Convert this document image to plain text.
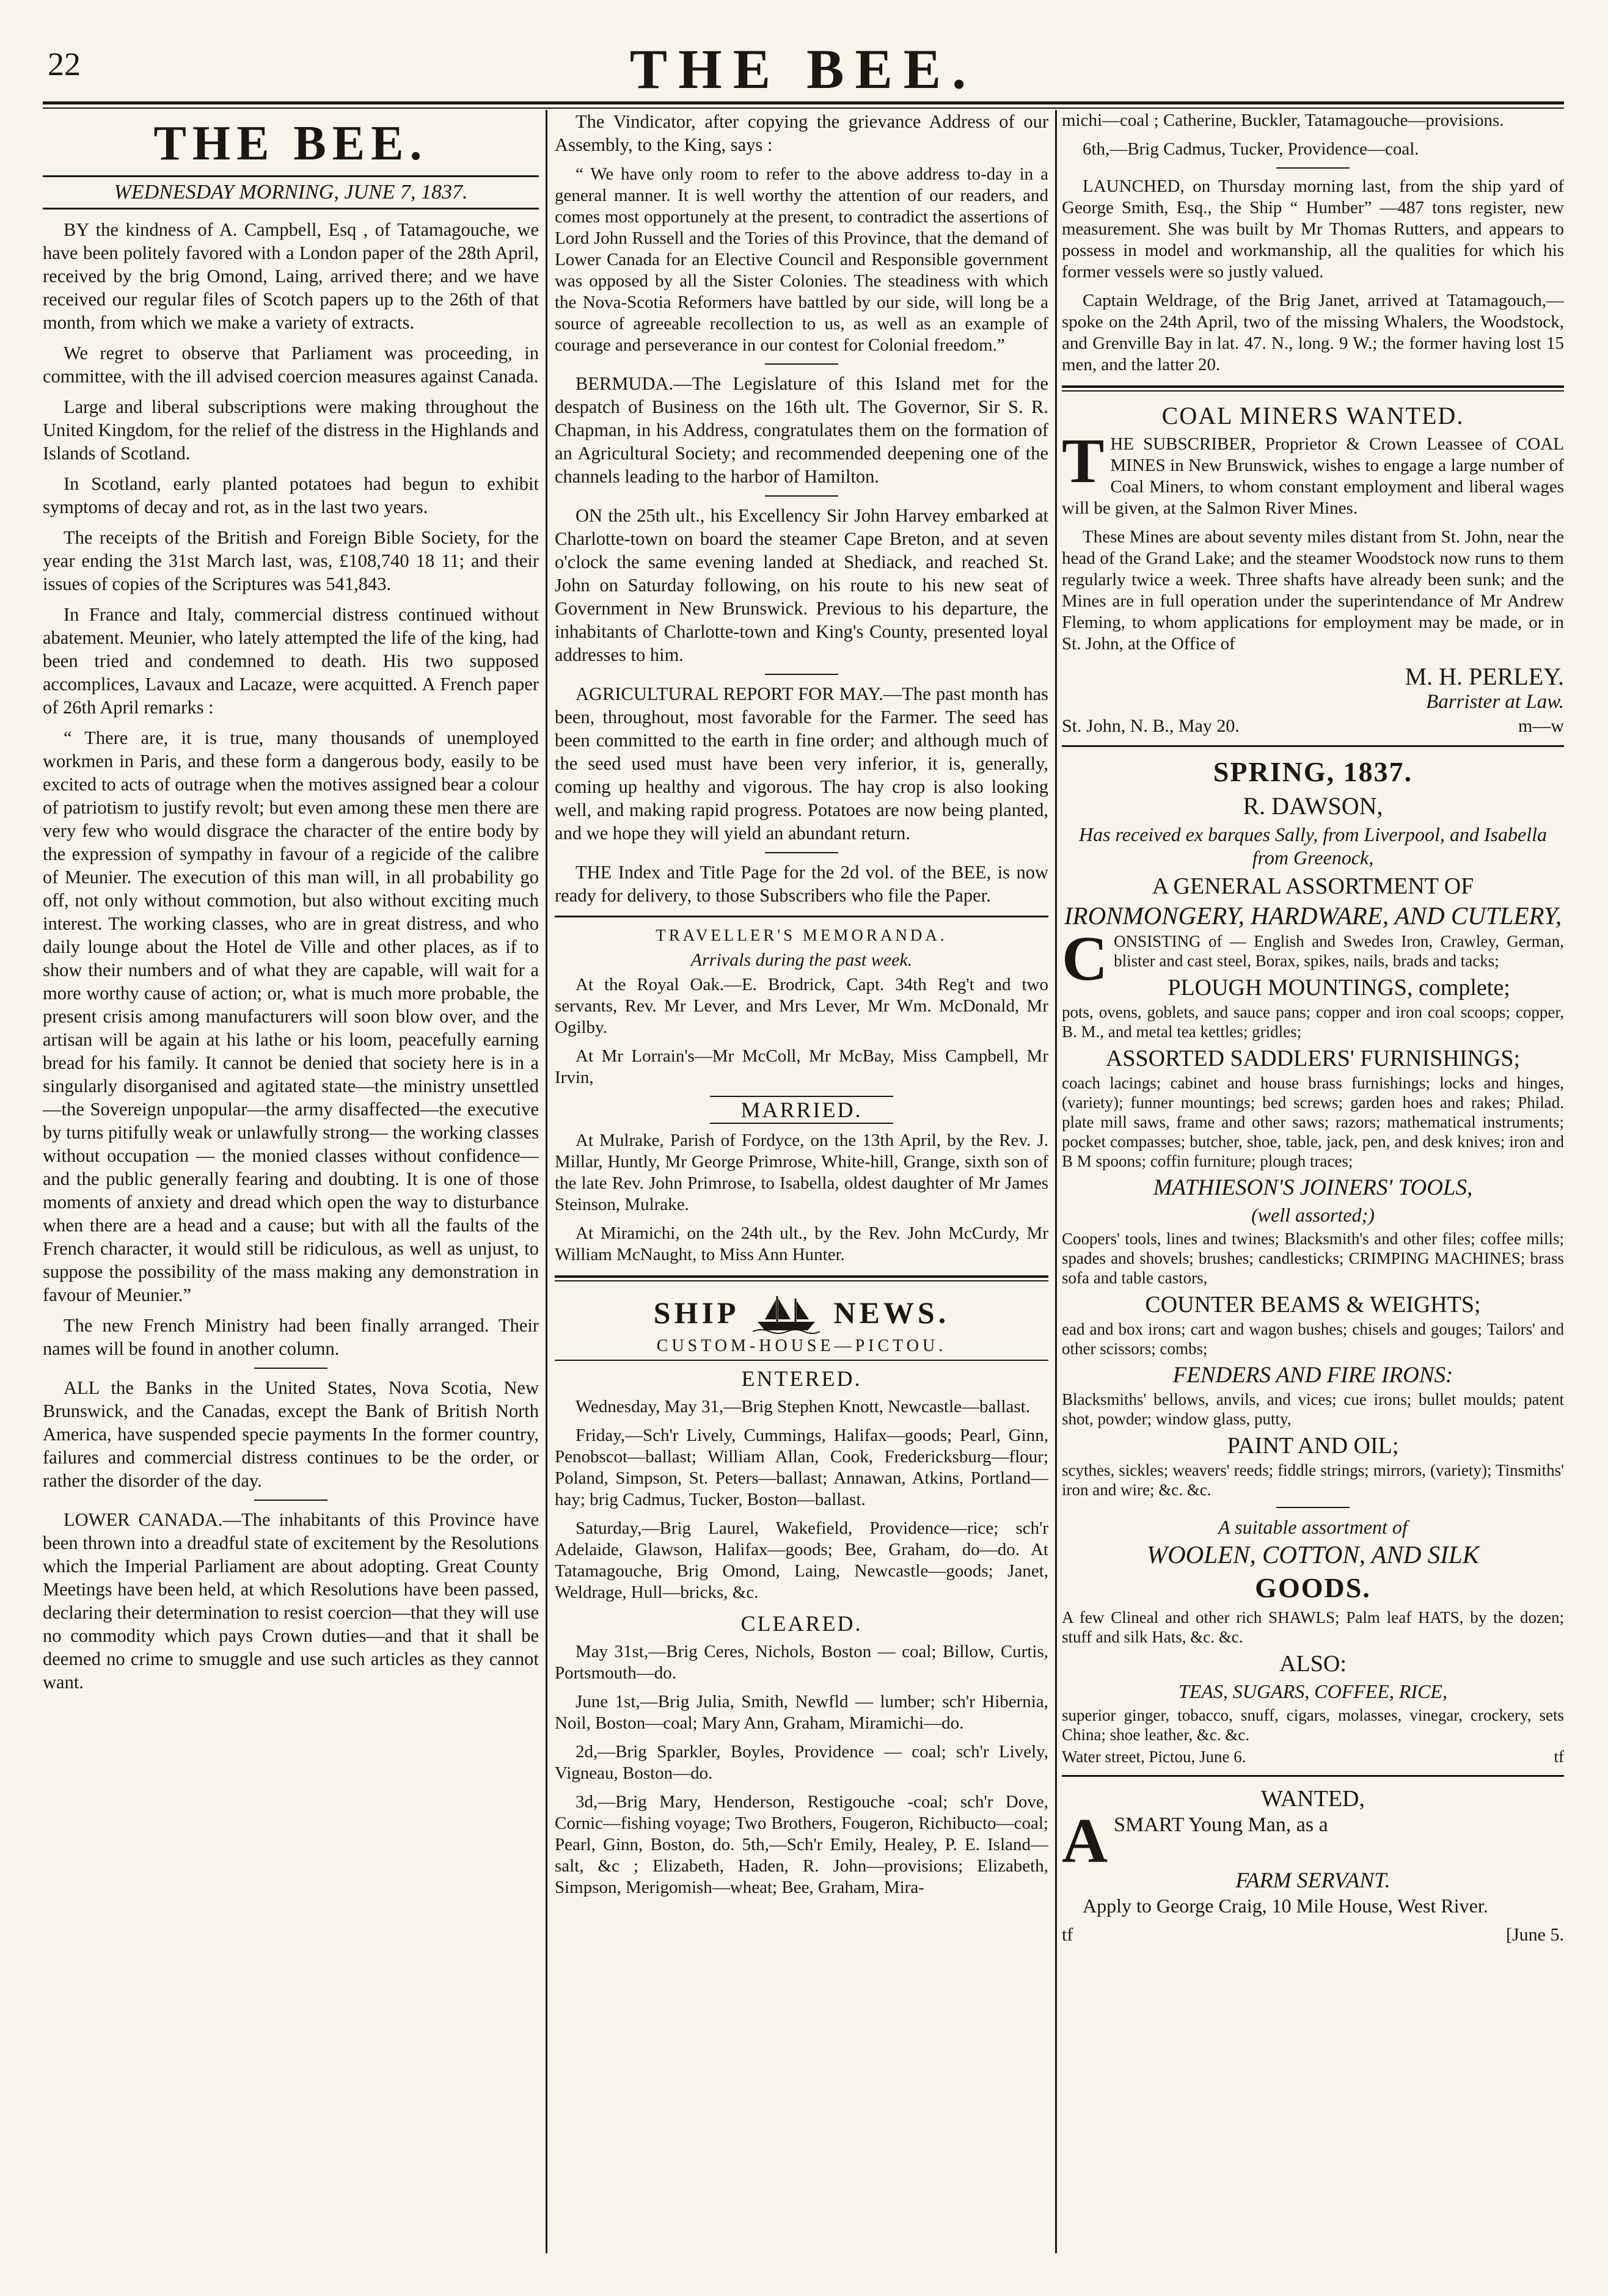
22	THE BEE.
THE BEE.
WEDNESDAY MORNING, JUNE 7, 1837.

BY the kindness of A. Campbell, Esq , of Tatamagouche, we have been politely favored with a London paper of the 28th April, received by the brig Omond, Laing, arrived there; and we have received our regular files of Scotch papers up to the 26th of that month, from which we make a variety of extracts.

We regret to observe that Parliament was proceeding, in committee, with the ill advised coercion measures against Canada.

Large and liberal subscriptions were making throughout the United Kingdom, for the relief of the distress in the Highlands and Islands of Scotland.

In Scotland, early planted potatoes had begun to exhibit symptoms of decay and rot, as in the last two years.

The receipts of the British and Foreign Bible Society, for the year ending the 31st March last, was, £108,740 18 11; and their issues of copies of the Scriptures was 541,843.

In France and Italy, commercial distress continued without abatement. Meunier, who lately attempted the life of the king, had been tried and condemned to death. His two supposed accomplices, Lavaux and Lacaze, were acquitted. A French paper of 26th April remarks :

“ There are, it is true, many thousands of unemployed workmen in Paris, and these form a dangerous body, easily to be excited to acts of outrage when the motives assigned bear a colour of patriotism to justify revolt; but even among these men there are very few who would disgrace the character of the entire body by the expression of sympathy in favour of a regicide of the calibre of Meunier. The execution of this man will, in all probability go off, not only without commotion, but also without exciting much interest. The working classes, who are in great distress, and who daily lounge about the Hotel de Ville and other places, as if to show their numbers and of what they are capable, will wait for a more worthy cause of action; or, what is much more probable, the present crisis among manufacturers will soon blow over, and the artisan will be again at his lathe or his loom, peacefully earning bread for his family. It cannot be denied that society here is in a singularly disorganised and agitated state—the ministry unsettled—the Sovereign unpopular—the army disaffected—the executive by turns pitifully weak or unlawfully strong— the working classes without occupation — the monied classes without confidence—and the public generally fearing and doubting. It is one of those moments of anxiety and dread which open the way to disturbance when there are a head and a cause; but with all the faults of the French character, it would still be ridiculous, as well as unjust, to suppose the possibility of the mass making any demonstration in favour of Meunier.”

The new French Ministry had been finally arranged. Their names will be found in another column.

ALL the Banks in the United States, Nova Scotia, New Brunswick, and the Canadas, except the Bank of British North America, have suspended specie payments In the former country, failures and commercial distress continues to be the order, or rather the disorder of the day.

LOWER CANADA.—The inhabitants of this Province have been thrown into a dreadful state of excitement by the Resolutions which the Imperial Parliament are about adopting. Great County Meetings have been held, at which Resolutions have been passed, declaring their determination to resist coercion—that they will use no commodity which pays Crown duties—and that it shall be deemed no crime to smuggle and use such articles as they cannot want.

The Vindicator, after copying the grievance Address of our Assembly, to the King, says :

“ We have only room to refer to the above address to-day in a general manner. It is well worthy the attention of our readers, and comes most opportunely at the present, to contradict the assertions of Lord John Russell and the Tories of this Province, that the demand of Lower Canada for an Elective Council and Responsible government was opposed by all the Sister Colonies. The steadiness with which the Nova-Scotia Reformers have battled by our side, will long be a source of agreeable recollection to us, as well as an example of courage and perseverance in our contest for Colonial freedom.”

BERMUDA.—The Legislature of this Island met for the despatch of Business on the 16th ult. The Governor, Sir S. R. Chapman, in his Address, congratulates them on the formation of an Agricultural Society; and recommended deepening one of the channels leading to the harbor of Hamilton.

ON the 25th ult., his Excellency Sir John Harvey embarked at Charlotte-town on board the steamer Cape Breton, and at seven o'clock the same evening landed at Shediack, and reached St. John on Saturday following, on his route to his new seat of Government in New Brunswick. Previous to his departure, the inhabitants of Charlotte-town and King's County, presented loyal addresses to him.

AGRICULTURAL REPORT FOR MAY.—The past month has been, throughout, most favorable for the Farmer. The seed has been committed to the earth in fine order; and although much of the seed used must have been very inferior, it is, generally, coming up healthy and vigorous. The hay crop is also looking well, and making rapid progress. Potatoes are now being planted, and we hope they will yield an abundant return.

THE Index and Title Page for the 2d vol. of the BEE, is now ready for delivery, to those Subscribers who file the Paper.

TRAVELLER'S MEMORANDA.
Arrivals during the past week.

At the Royal Oak.—E. Brodrick, Capt. 34th Reg't and two servants, Rev. Mr Lever, and Mrs Lever, Mr Wm. McDonald, Mr Ogilby.

At Mr Lorrain's—Mr McColl, Mr McBay, Miss Campbell, Mr Irvin,

MARRIED.

At Mulrake, Parish of Fordyce, on the 13th April, by the Rev. J. Millar, Huntly, Mr George Primrose, White-hill, Grange, sixth son of the late Rev. John Primrose, to Isabella, oldest daughter of Mr James Steinson, Mulrake.

At Miramichi, on the 24th ult., by the Rev. John McCurdy, Mr William McNaught, to Miss Ann Hunter.

SHIP	NEWS.
CUSTOM-HOUSE—PICTOU.
ENTERED.

Wednesday, May 31,—Brig Stephen Knott, Newcastle—ballast.

Friday,—Sch'r Lively, Cummings, Halifax—goods; Pearl, Ginn, Penobscot—ballast; William Allan, Cook, Fredericksburg—flour; Poland, Simpson, St. Peters—ballast; Annawan, Atkins, Portland—hay; brig Cadmus, Tucker, Boston—ballast.

Saturday,—Brig Laurel, Wakefield, Providence—rice; sch'r Adelaide, Glawson, Halifax—goods; Bee, Graham, do—do. At Tatamagouche, Brig Omond, Laing, Newcastle—goods; Janet, Weldrage, Hull—bricks, &c.

CLEARED.

May 31st,—Brig Ceres, Nichols, Boston — coal; Billow, Curtis, Portsmouth—do.

June 1st,—Brig Julia, Smith, Newfld — lumber; sch'r Hibernia, Noil, Boston—coal; Mary Ann, Graham, Miramichi—do.

2d,—Brig Sparkler, Boyles, Providence — coal; sch'r Lively, Vigneau, Boston—do.

3d,—Brig Mary, Henderson, Restigouche -coal; sch'r Dove, Cornic—fishing voyage; Two Brothers, Fougeron, Richibucto—coal; Pearl, Ginn, Boston, do. 5th,—Sch'r Emily, Healey, P. E. Island—salt, &c ; Elizabeth, Haden, R. John—provisions; Elizabeth, Simpson, Merigomish—wheat; Bee, Graham, Mira-

michi—coal ; Catherine, Buckler, Tatamagouche—provisions.

6th,—Brig Cadmus, Tucker, Providence—coal.

LAUNCHED, on Thursday morning last, from the ship yard of George Smith, Esq., the Ship “ Humber” —487 tons register, new measurement. She was built by Mr Thomas Rutters, and appears to possess in model and workmanship, all the qualities for which his former vessels were so justly valued.

Captain Weldrage, of the Brig Janet, arrived at Tatamagouch,—spoke on the 24th April, two of the missing Whalers, the Woodstock, and Grenville Bay in lat. 47. N., long. 9 W.; the former having lost 15 men, and the latter 20.

COAL MINERS WANTED.

THE SUBSCRIBER, Proprietor & Crown Leassee of COAL MINES in New Brunswick, wishes to engage a large number of Coal Miners, to whom constant employment and liberal wages will be given, at the Salmon River Mines.

These Mines are about seventy miles distant from St. John, near the head of the Grand Lake; and the steamer Woodstock now runs to them regularly twice a week. Three shafts have already been sunk; and the Mines are in full operation under the superintendance of Mr Andrew Fleming, to whom applications for employment may be made, or in St. John, at the Office of

M. H. PERLEY.
Barrister at Law.
St. John, N. B., May 20.	m—w
SPRING, 1837.
R. DAWSON,
Has received ex barques Sally, from Liverpool, and Isabella from Greenock,
A GENERAL ASSORTMENT OF
IRONMONGERY, HARDWARE, AND CUTLERY,

CONSISTING of — English and Swedes Iron, Crawley, German, blister and cast steel, Borax, spikes, nails, brads and tacks;

PLOUGH MOUNTINGS, complete;

pots, ovens, goblets, and sauce pans; copper and iron coal scoops; copper, B. M., and metal tea kettles; gridles;

ASSORTED SADDLERS' FURNISHINGS;

coach lacings; cabinet and house brass furnishings; locks and hinges, (variety); funner mountings; bed screws; garden hoes and rakes; Philad. plate mill saws, frame and other saws; razors; mathematical instruments; pocket compasses; butcher, shoe, table, jack, pen, and desk knives; iron and B M spoons; coffin furniture; plough traces;

MATHIESON'S JOINERS' TOOLS,
(well assorted;)

Coopers' tools, lines and twines; Blacksmith's and other files; coffee mills; spades and shovels; brushes; candlesticks; CRIMPING MACHINES; brass sofa and table castors,

COUNTER BEAMS & WEIGHTS;

ead and box irons; cart and wagon bushes; chisels and gouges; Tailors' and other scissors; combs;

FENDERS AND FIRE IRONS:

Blacksmiths' bellows, anvils, and vices; cue irons; bullet moulds; patent shot, powder; window glass, putty,

PAINT AND OIL;

scythes, sickles; weavers' reeds; fiddle strings; mirrors, (variety); Tinsmiths' iron and wire; &c. &c.

A suitable assortment of
WOOLEN, COTTON, AND SILK
GOODS.

A few Clineal and other rich SHAWLS; Palm leaf HATS, by the dozen; stuff and silk Hats, &c. &c.

ALSO:
TEAS, SUGARS, COFFEE, RICE,

superior ginger, tobacco, snuff, cigars, molasses, vinegar, crockery, sets China; shoe leather, &c. &c.

Water street, Pictou, June 6.	tf
WANTED,

ASMART Young Man, as a

FARM SERVANT.

Apply to George Craig, 10 Mile House, West River.

tf	[June 5.
